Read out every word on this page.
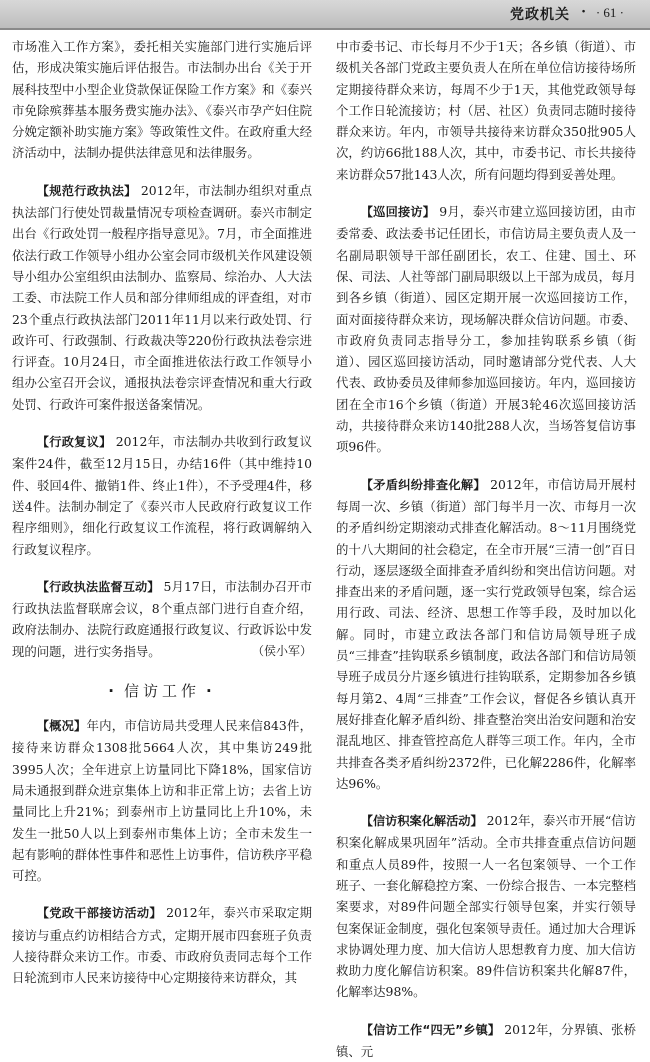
党政机关 · · 61 ·

市场准入工作方案》，委托相关实施部门进行实施后评估，形成决策实施后评估报告。市法制办出台《关于开展科技型中小型企业贷款保证保险工作方案》和《泰兴市免除殡葬基本服务费实施办法》、《泰兴市孕产妇住院分娩定额补助实施方案》等政策性文件。在政府重大经济活动中，法制办提供法律意见和法律服务。

【规范行政执法】 2012年，市法制办组织对重点执法部门行使处罚裁量情况专项检查调研。泰兴市制定出台《行政处罚一般程序指导意见》。7月，市全面推进依法行政工作领导小组办公室会同市级机关作风建设领导小组办公室组织由法制办、监察局、综治办、人大法工委、市法院工作人员和部分律师组成的评查组，对市23个重点行政执法部门2011年11月以来行政处罚、行政许可、行政强制、行政裁决等220份行政执法卷宗进行评查。10月24日，市全面推进依法行政工作领导小组办公室召开会议，通报执法卷宗评查情况和重大行政处罚、行政许可案件报送备案情况。

【行政复议】 2012年，市法制办共收到行政复议案件24件，截至12月15日，办结16件（其中维持10件、驳回4件、撤销1件、终止1件），不予受理4件，移送4件。法制办制定了《泰兴市人民政府行政复议工作程序细则》，细化行政复议工作流程，将行政调解纳入行政复议程序。

【行政执法监督互动】 5月17日，市法制办召开市行政执法监督联席会议，8个重点部门进行自查介绍，政府法制办、法院行政庭通报行政复议、行政诉讼中发现的问题，进行实务指导。	（侯小军）

· 信访工作 ·

【概况】年内，市信访局共受理人民来信843件，接待来访群众1308批5664人次，其中集访249批3995人次；全年进京上访量同比下降18%，国家信访局未通报到群众进京集体上访和非正常上访；去省上访量同比上升21%；到泰州市上访量同比上升10%，未发生一批50人以上到泰州市集体上访；全市未发生一起有影响的群体性事件和恶性上访事件，信访秩序平稳可控。

【党政干部接访活动】 2012年，泰兴市采取定期接访与重点约访相结合方式，定期开展市四套班子负责人接待群众来访工作。市委、市政府负责同志每个工作日轮流到市人民来访接待中心定期接待来访群众，其

中市委书记、市长每月不少于1天；各乡镇（街道）、市级机关各部门党政主要负责人在所在单位信访接待场所定期接待群众来访，每周不少于1天，其他党政领导每个工作日轮流接访；村（居、社区）负责同志随时接待群众来访。年内，市领导共接待来访群众350批905人次，约访66批188人次，其中，市委书记、市长共接待来访群众57批143人次，所有问题均得到妥善处理。

【巡回接访】 9月，泰兴市建立巡回接访团，由市委常委、政法委书记任团长，市信访局主要负责人及一名副局职领导干部任副团长，农工、住建、国土、环保、司法、人社等部门副局职级以上干部为成员，每月到各乡镇（街道）、园区定期开展一次巡回接访工作，面对面接待群众来访，现场解决群众信访问题。市委、市政府负责同志指导分工，参加挂钩联系乡镇（街道）、园区巡回接访活动，同时邀请部分党代表、人大代表、政协委员及律师参加巡回接访。年内，巡回接访团在全市16个乡镇（街道）开展3轮46次巡回接访活动，共接待群众来访140批288人次，当场答复信访事项96件。

【矛盾纠纷排查化解】 2012年，市信访局开展村每周一次、乡镇（街道）部门每半月一次、市每月一次的矛盾纠纷定期滚动式排查化解活动。8～11月围绕党的十八大期间的社会稳定，在全市开展“三清一创”百日行动，逐层逐级全面排查矛盾纠纷和突出信访问题。对排查出来的矛盾问题，逐一实行党政领导包案，综合运用行政、司法、经济、思想工作等手段，及时加以化解。同时，市建立政法各部门和信访局领导班子成员“三排查”挂钩联系乡镇制度，政法各部门和信访局领导班子成员分片逐乡镇进行挂钩联系，定期参加各乡镇每月第2、4周“三排查”工作会议，督促各乡镇认真开展好排查化解矛盾纠纷、排查整治突出治安问题和治安混乱地区、排查管控高危人群等三项工作。年内，全市共排查各类矛盾纠纷2372件，已化解2286件，化解率达96%。

【信访积案化解活动】 2012年，泰兴市开展“信访积案化解成果巩固年”活动。全市共排查重点信访问题和重点人员89件，按照一人一名包案领导、一个工作班子、一套化解稳控方案、一份综合报告、一本完整档案要求，对89件问题全部实行领导包案，并实行领导包案保证金制度，强化包案领导责任。通过加大合理诉求协调处理力度、加大信访人思想教育力度、加大信访救助力度化解信访积案。89件信访积案共化解87件，化解率达98%。

【信访工作“四无”乡镇】 2012年，分界镇、张桥镇、元
